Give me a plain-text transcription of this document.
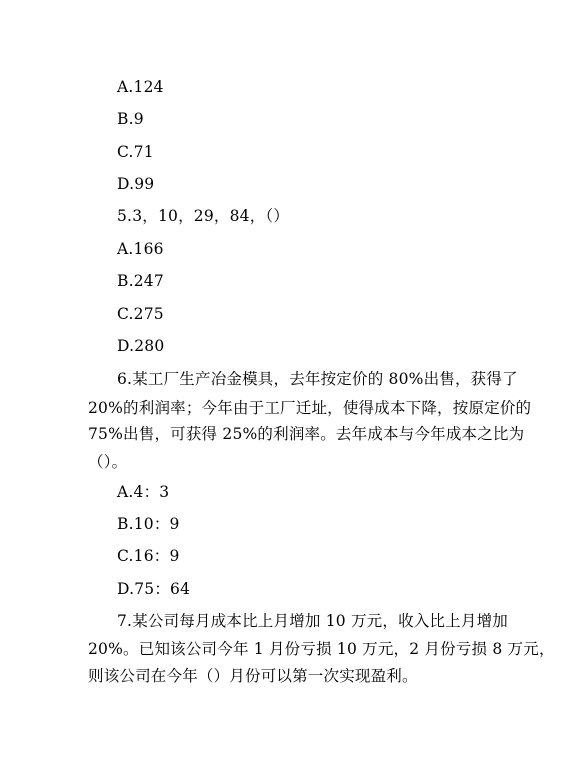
A.124
B.9
C.71
D.99
5.3，10，29，84，（）
A.166
B.247
C.275
D.280
6.某工厂生产冶金模具，去年按定价的 80%出售，获得了
20%的利润率；今年由于工厂迁址，使得成本下降，按原定价的
75%出售，可获得 25%的利润率。去年成本与今年成本之比为
（）。
A.4：3
B.10：9
C.16：9
D.75：64
7.某公司每月成本比上月增加 10 万元，收入比上月增加
20%。已知该公司今年 1 月份亏损 10 万元，2 月份亏损 8 万元，
则该公司在今年（）月份可以第一次实现盈利。
